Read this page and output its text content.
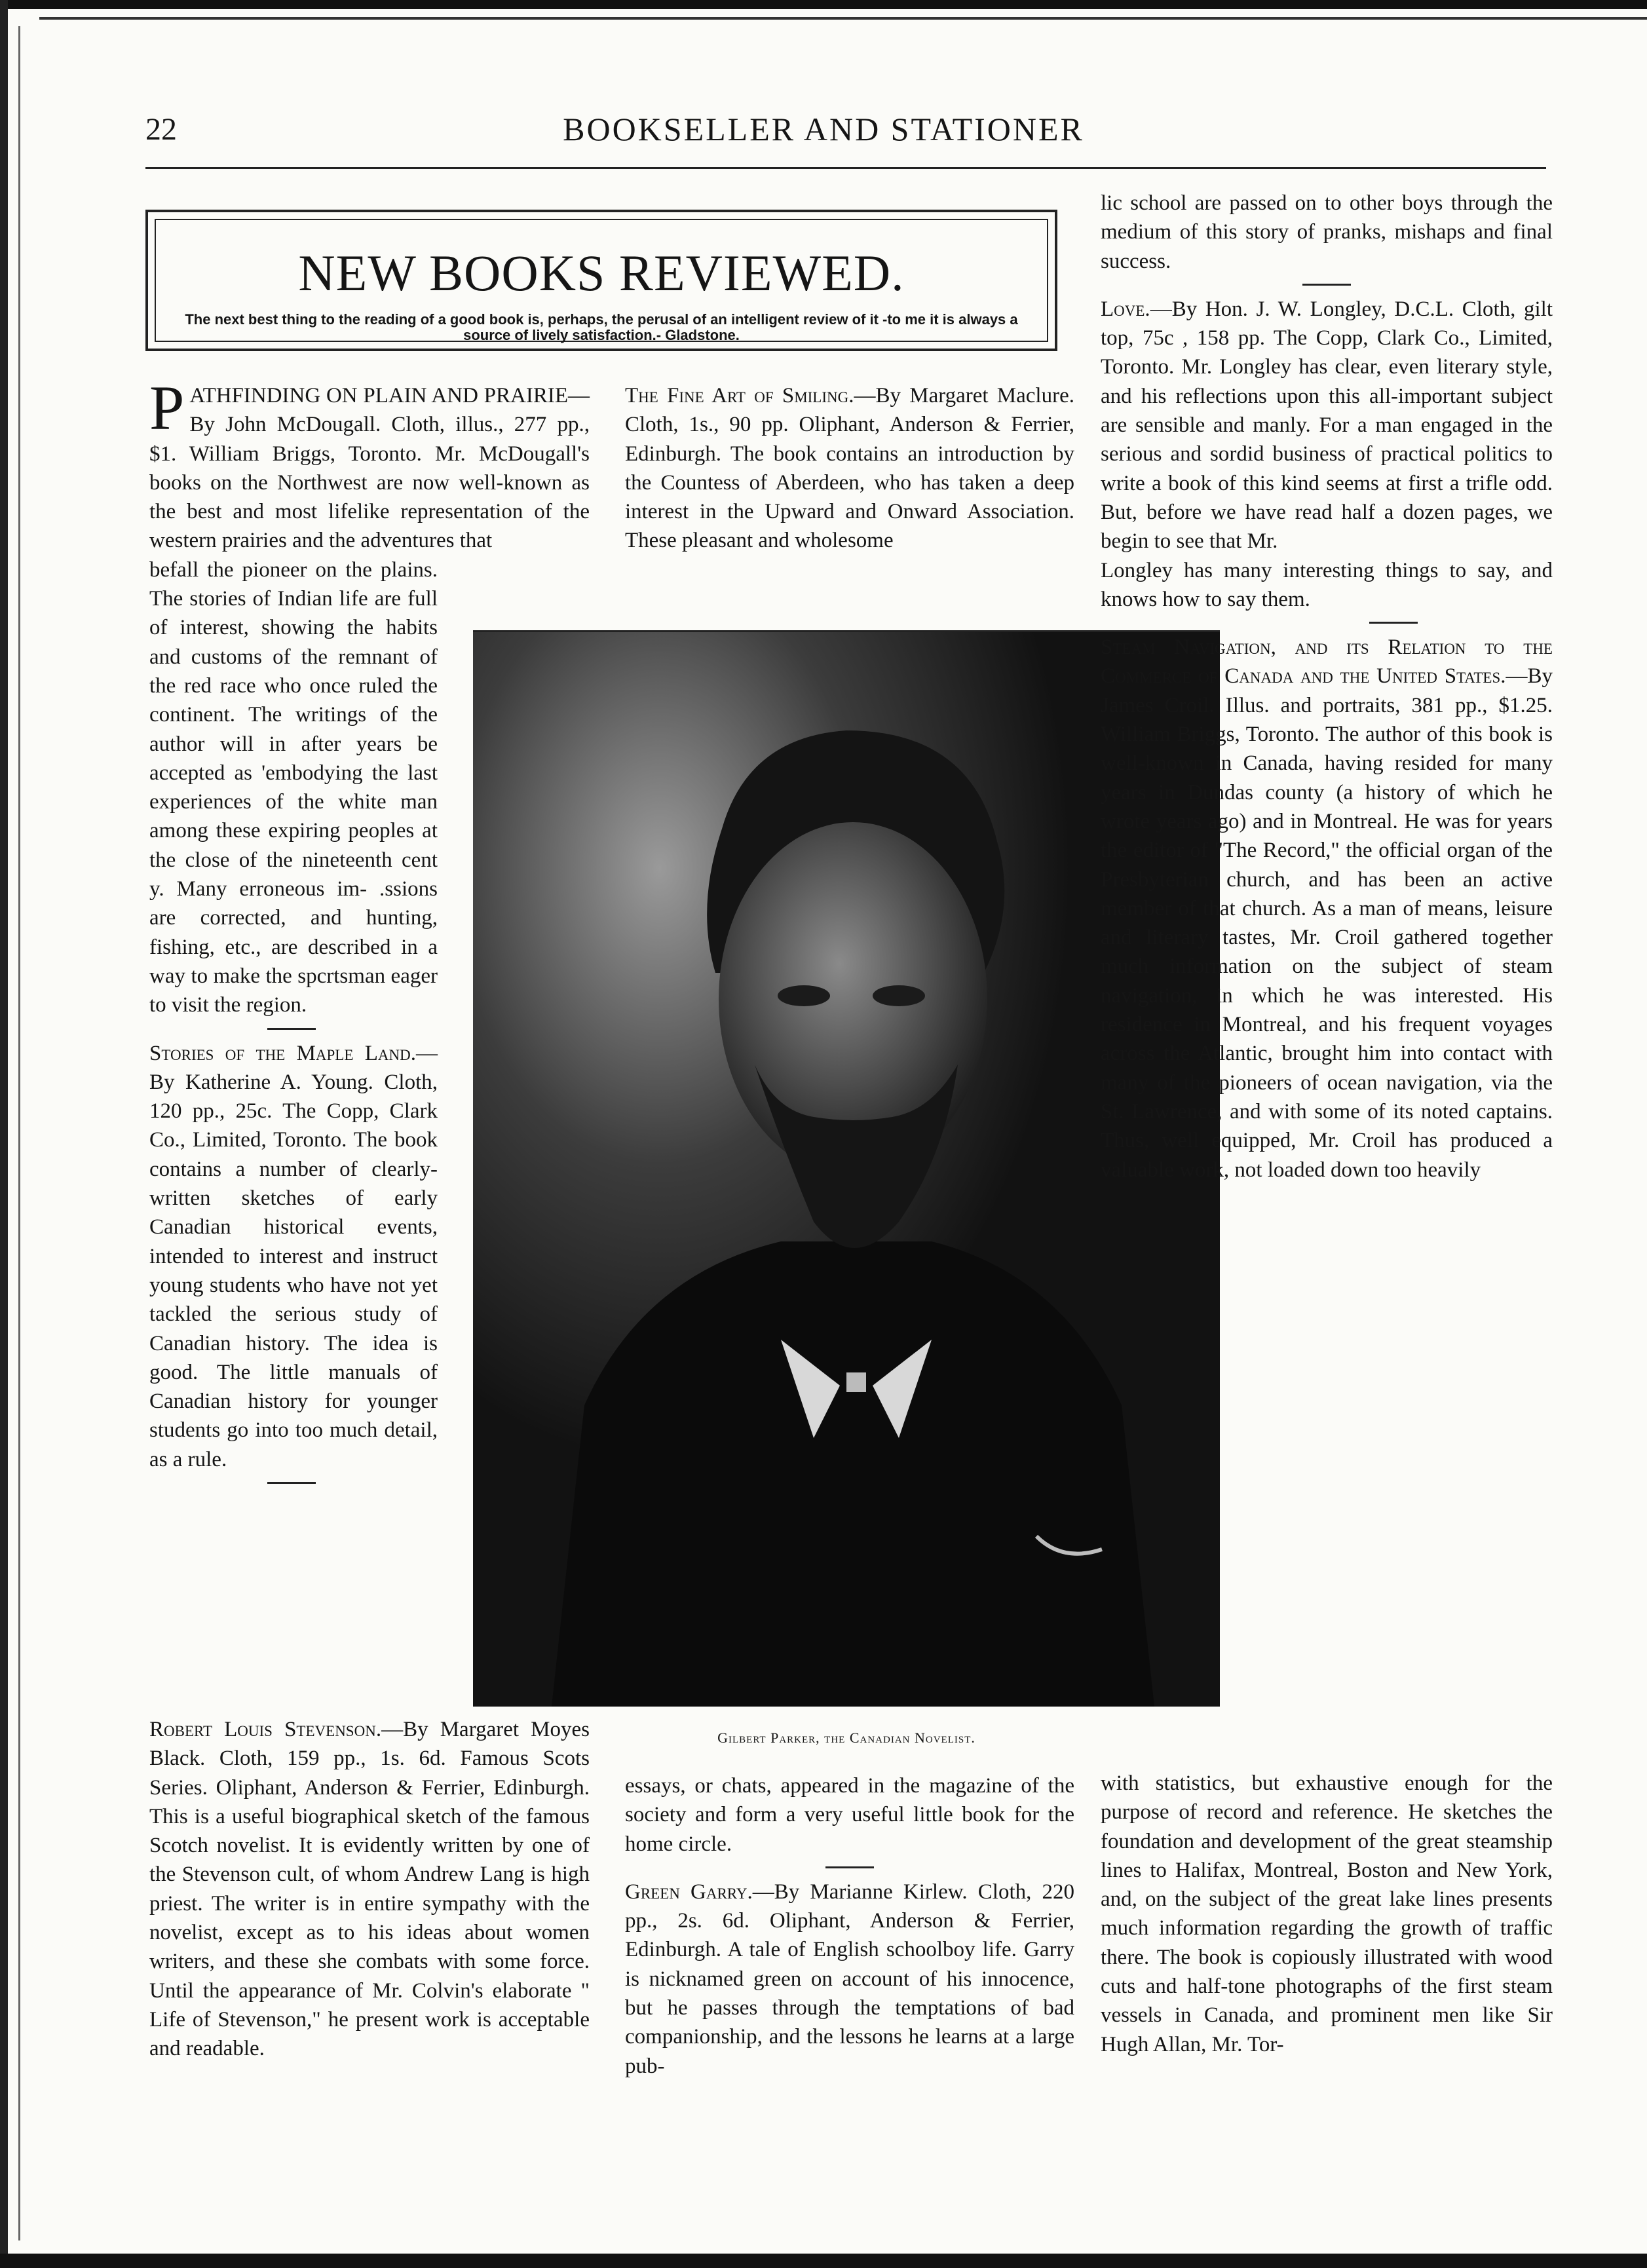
22	BOOKSELLER AND STATIONER
NEW BOOKS REVIEWED.
The next best thing to the reading of a good book is, perhaps, the perusal of an intelligent review of it -to me it is always a source of lively satisfaction.- Gladstone.

PATHFINDING ON PLAIN AND PRAIRIE— By John McDougall. Cloth, illus., 277 pp., $1. William Briggs, Toronto. Mr. McDougall's books on the Northwest are now well-known as the best and most lifelike representation of the western prairies and the adventures that

befall the pioneer on the plains. The stories of Indian life are full of interest, showing the habits and customs of the remnant of the red race who once ruled the continent. The writings of the author will in after years be accepted as 'embodying the last experiences of the white man among these expiring peoples at the close of the nineteenth cent y. Many erroneous im- .ssions are corrected, and hunting, fishing, etc., are described in a way to make the spcrtsman eager to visit the region.

Stories of the Maple Land.— By Katherine A. Young. Cloth, 120 pp., 25c. The Copp, Clark Co., Limited, Toronto. The book contains a number of clearly-written sketches of early Canadian historical events, intended to interest and instruct young students who have not yet tackled the serious study of Canadian history. The idea is good. The little manuals of Canadian history for younger students go into too much detail, as a rule.

Robert Louis Stevenson.—By Margaret Moyes Black. Cloth, 159 pp., 1s. 6d. Famous Scots Series. Oliphant, Anderson & Ferrier, Edinburgh. This is a useful biographical sketch of the famous Scotch novelist. It is evidently written by one of the Stevenson cult, of whom Andrew Lang is high priest. The writer is in entire sympathy with the novelist, except as to his ideas about women writers, and these she combats with some force. Until the appearance of Mr. Colvin's elaborate " Life of Stevenson," he present work is acceptable and readable.

The Fine Art of Smiling.—By Margaret Maclure. Cloth, 1s., 90 pp. Oliphant, Anderson & Ferrier, Edinburgh. The book contains an introduction by the Countess of Aberdeen, who has taken a deep interest in the Upward and Onward Association. These pleasant and wholesome

Gilbert Parker, the Canadian Novelist.

essays, or chats, appeared in the magazine of the society and form a very useful little book for the home circle.

Green Garry.—By Marianne Kirlew. Cloth, 220 pp., 2s. 6d. Oliphant, Anderson & Ferrier, Edinburgh. A tale of English schoolboy life. Garry is nicknamed green on account of his innocence, but he passes through the temptations of bad companionship, and the lessons he learns at a large pub-

lic school are passed on to other boys through the medium of this story of pranks, mishaps and final success.

Love.—By Hon. J. W. Longley, D.C.L. Cloth, gilt top, 75c , 158 pp. The Copp, Clark Co., Limited, Toronto. Mr. Longley has clear, even literary style, and his reflections upon this all-important subject are sensible and manly. For a man engaged in the serious and sordid business of practical politics to write a book of this kind seems at first a trifle odd. But, before we have read half a dozen pages, we begin to see that Mr.

Longley has many interesting things to say, and knows how to say them.

Steam Navigation, and its Relation to the Commerce of Canada and the United States.—By James Croil. Illus. and portraits, 381 pp., $1.25. William Briggs, Toronto. The author of this book is well-known in Canada, having resided for many years in Dundas county (a history of which he wrote years ago) and in Montreal. He was for years the editor of "The Record," the official organ of the Presbyterian church, and has been an active member of that church. As a man of means, leisure and literary tastes, Mr. Croil gathered together much information on the subject of steam navigation, in which he was interested. His residence in Montreal, and his frequent voyages across the Atlantic, brought him into contact with many of the pioneers of ocean navigation, via the St. Lawrence, and with some of its noted captains. Thus, well equipped, Mr. Croil has produced a valuable work, not loaded down too heavily

with statistics, but exhaustive enough for the purpose of record and reference. He sketches the foundation and development of the great steamship lines to Halifax, Montreal, Boston and New York, and, on the subject of the great lake lines presents much information regarding the growth of traffic there. The book is copiously illustrated with wood cuts and half-tone photographs of the first steam vessels in Canada, and prominent men like Sir Hugh Allan, Mr. Tor-
